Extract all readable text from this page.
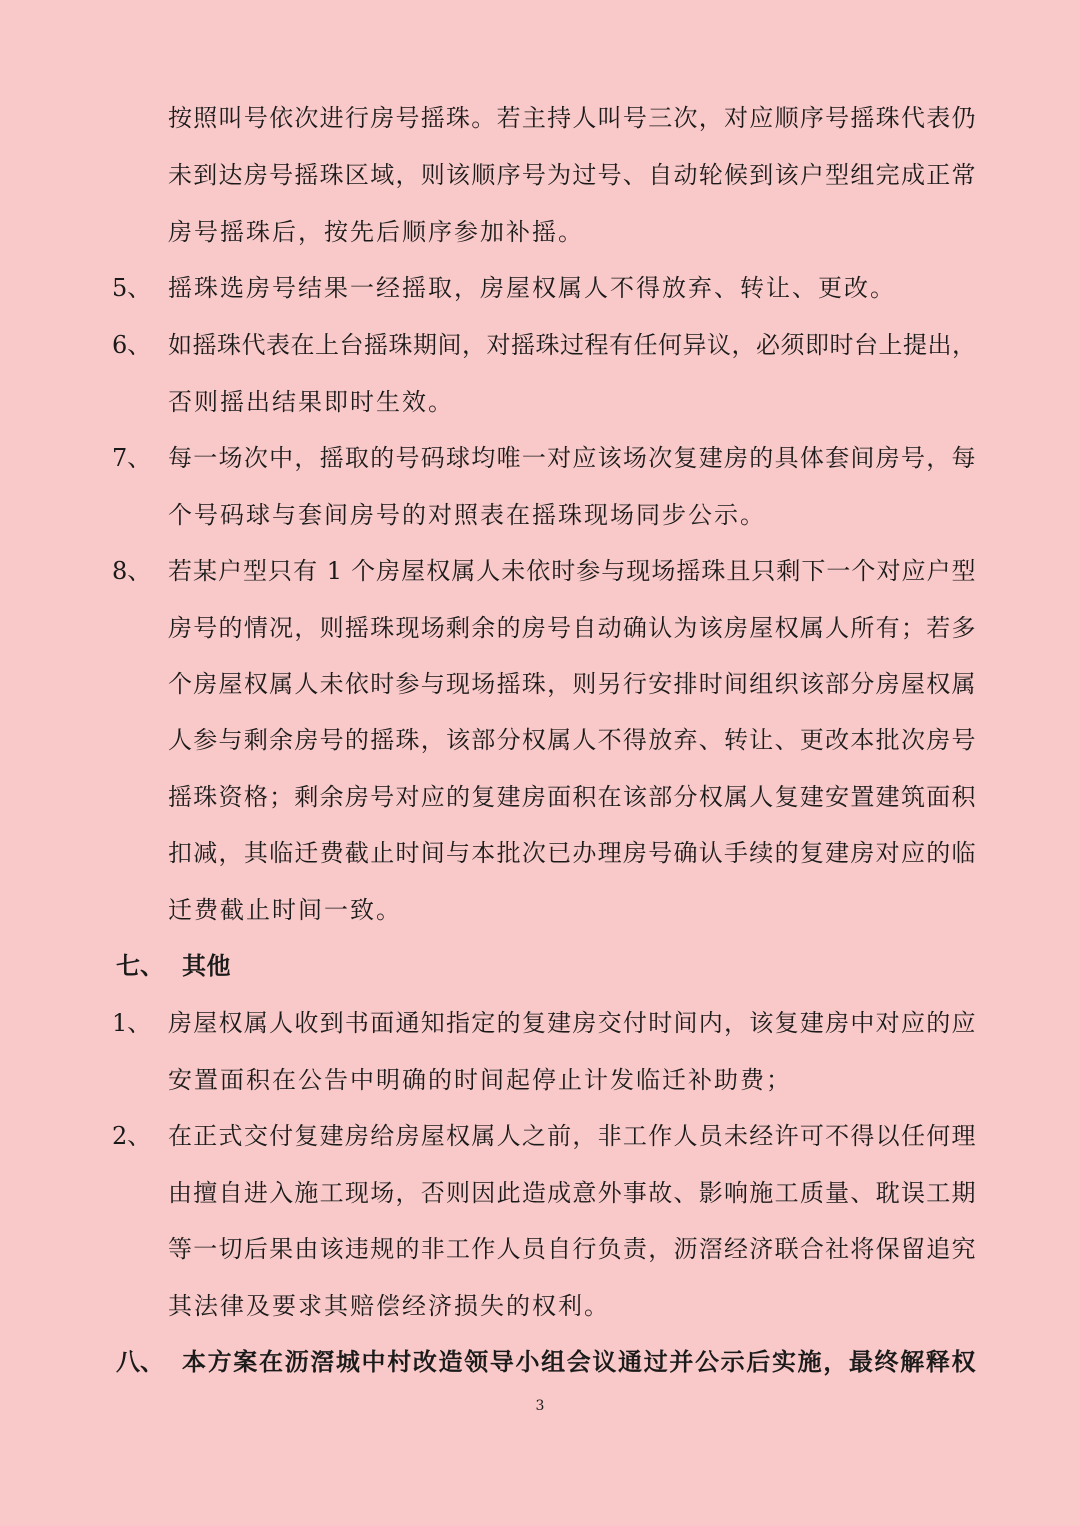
按照叫号依次进行房号摇珠。若主持人叫号三次，对应顺序号摇珠代表仍
未到达房号摇珠区域，则该顺序号为过号、自动轮候到该户型组完成正常
房号摇珠后，按先后顺序参加补摇。
5、 摇珠选房号结果一经摇取，房屋权属人不得放弃、转让、更改。
6、 如摇珠代表在上台摇珠期间，对摇珠过程有任何异议，必须即时台上提出，
否则摇出结果即时生效。
7、 每一场次中，摇取的号码球均唯一对应该场次复建房的具体套间房号，每
个号码球与套间房号的对照表在摇珠现场同步公示。
8、 若某户型只有 1 个房屋权属人未依时参与现场摇珠且只剩下一个对应户型
房号的情况，则摇珠现场剩余的房号自动确认为该房屋权属人所有；若多
个房屋权属人未依时参与现场摇珠，则另行安排时间组织该部分房屋权属
人参与剩余房号的摇珠，该部分权属人不得放弃、转让、更改本批次房号
摇珠资格；剩余房号对应的复建房面积在该部分权属人复建安置建筑面积
扣减，其临迁费截止时间与本批次已办理房号确认手续的复建房对应的临
迁费截止时间一致。
七、 其他
1、 房屋权属人收到书面通知指定的复建房交付时间内，该复建房中对应的应
安置面积在公告中明确的时间起停止计发临迁补助费；
2、 在正式交付复建房给房屋权属人之前，非工作人员未经许可不得以任何理
由擅自进入施工现场，否则因此造成意外事故、影响施工质量、耽误工期
等一切后果由该违规的非工作人员自行负责，沥滘经济联合社将保留追究
其法律及要求其赔偿经济损失的权利。
八、 本方案在沥滘城中村改造领导小组会议通过并公示后实施，最终解释权
3
